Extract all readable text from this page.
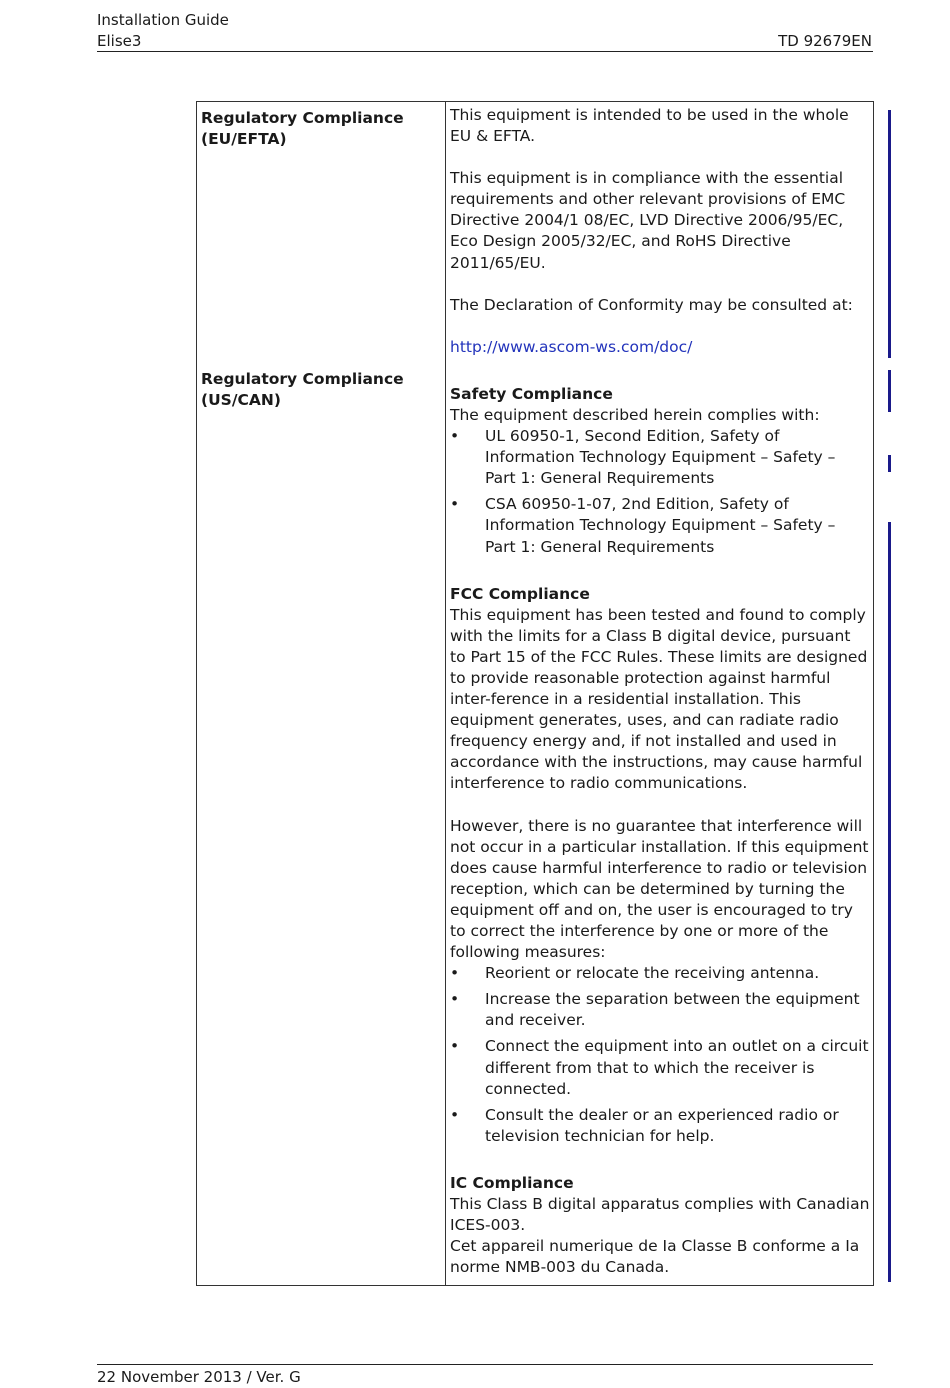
Installation Guide
Elise3	TD 92679EN
Regulatory Compliance
(EU/EFTA)
Regulatory Compliance
(US/CAN)

This equipment is intended to be used in the whole EU & EFTA.

This equipment is in compliance with the essential requirements and other relevant provisions of EMC Directive 2004/1 08/EC, LVD Directive 2006/95/EC, Eco Design 2005/32/EC, and RoHS Directive 2011/65/EU.

The Declaration of Conformity may be consulted at:

http://www.ascom-ws.com/doc/

Safety Compliance

The equipment described herein complies with:

• UL 60950-1, Second Edition, Safety of Information Technology Equipment – Safety – Part 1: General Requirements
• CSA 60950-1-07, 2nd Edition, Safety of Information Technology Equipment – Safety – Part 1: General Requirements

FCC Compliance

This equipment has been tested and found to comply with the limits for a Class B digital device, pursuant to Part 15 of the FCC Rules. These limits are designed to provide reasonable protection against harmful inter-ference in a residential installation. This equipment generates, uses, and can radiate radio frequency energy and, if not installed and used in accordance with the instructions, may cause harmful interference to radio communications.

However, there is no guarantee that interference will not occur in a particular installation. If this equipment does cause harmful interference to radio or television reception, which can be determined by turning the equipment off and on, the user is encouraged to try to correct the interference by one or more of the following measures:

• Reorient or relocate the receiving antenna.
• Increase the separation between the equipment and receiver.
• Connect the equipment into an outlet on a circuit different from that to which the receiver is connected.
• Consult the dealer or an experienced radio or television technician for help.

IC Compliance

This Class B digital apparatus complies with Canadian ICES-003.

Cet appareil numerique de Ia Classe B conforme a Ia norme NMB-003 du Canada.

22 November 2013 / Ver. G
